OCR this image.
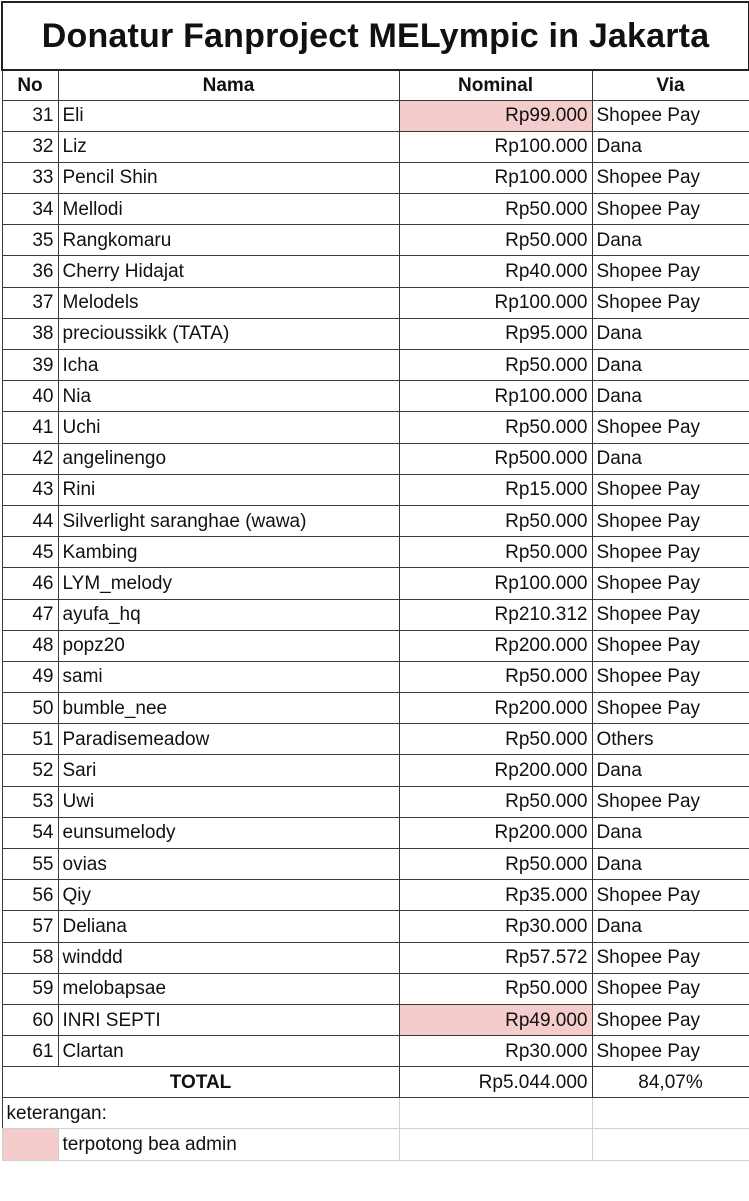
Donatur Fanproject MELympic in Jakarta			
No	Nama	Nominal	Via
31	Eli	Rp99.000	Shopee Pay
32	Liz	Rp100.000	Dana
33	Pencil Shin	Rp100.000	Shopee Pay
34	Mellodi	Rp50.000	Shopee Pay
35	Rangkomaru	Rp50.000	Dana
36	Cherry Hidajat	Rp40.000	Shopee Pay
37	Melodels	Rp100.000	Shopee Pay
38	precioussikk (TATA)	Rp95.000	Dana
39	Icha	Rp50.000	Dana
40	Nia	Rp100.000	Dana
41	Uchi	Rp50.000	Shopee Pay
42	angelinengo	Rp500.000	Dana
43	Rini	Rp15.000	Shopee Pay
44	Silverlight saranghae (wawa)	Rp50.000	Shopee Pay
45	Kambing	Rp50.000	Shopee Pay
46	LYM_melody	Rp100.000	Shopee Pay
47	ayufa_hq	Rp210.312	Shopee Pay
48	popz20	Rp200.000	Shopee Pay
49	sami	Rp50.000	Shopee Pay
50	bumble_nee	Rp200.000	Shopee Pay
51	Paradisemeadow	Rp50.000	Others
52	Sari	Rp200.000	Dana
53	Uwi	Rp50.000	Shopee Pay
54	eunsumelody	Rp200.000	Dana
55	ovias	Rp50.000	Dana
56	Qiy	Rp35.000	Shopee Pay
57	Deliana	Rp30.000	Dana
58	winddd	Rp57.572	Shopee Pay
59	melobapsae	Rp50.000	Shopee Pay
60	INRI SEPTI	Rp49.000	Shopee Pay
61	Clartan	Rp30.000	Shopee Pay
TOTAL		Rp5.044.000	84,07%
keterangan:			
	terpotong bea admin		
